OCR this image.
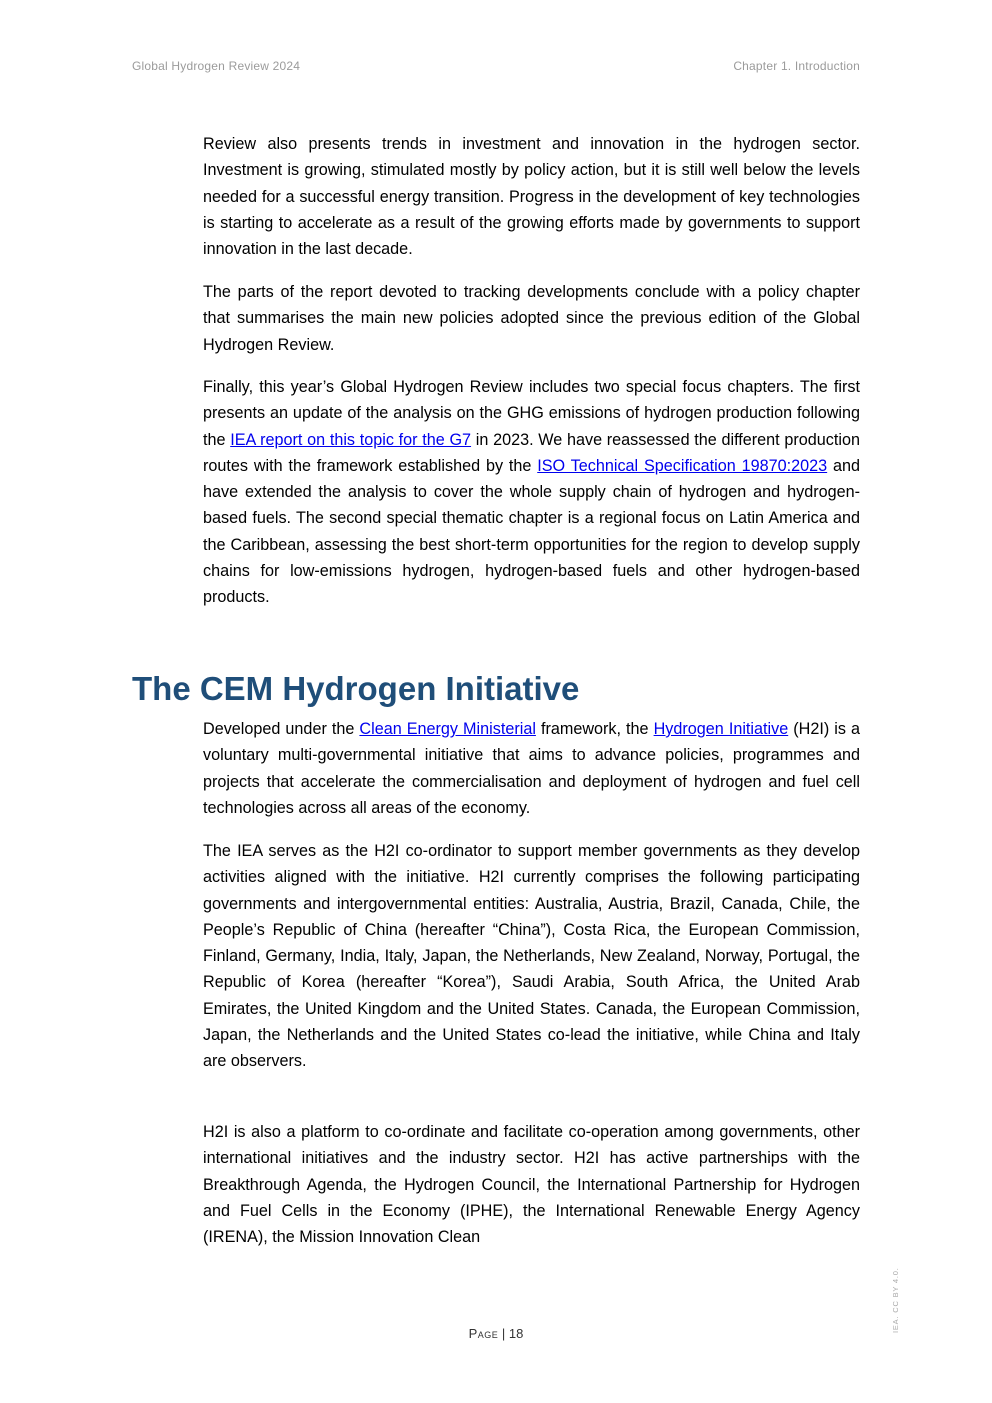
Global Hydrogen Review 2024	Chapter 1. Introduction

Review also presents trends in investment and innovation in the hydrogen sector. Investment is growing, stimulated mostly by policy action, but it is still well below the levels needed for a successful energy transition. Progress in the development of key technologies is starting to accelerate as a result of the growing efforts made by governments to support innovation in the last decade.

The parts of the report devoted to tracking developments conclude with a policy chapter that summarises the main new policies adopted since the previous edition of the Global Hydrogen Review.

Finally, this year’s Global Hydrogen Review includes two special focus chapters. The first presents an update of the analysis on the GHG emissions of hydrogen production following the IEA report on this topic for the G7 in 2023. We have reassessed the different production routes with the framework established by the ISO Technical Specification 19870:2023 and have extended the analysis to cover the whole supply chain of hydrogen and hydrogen-based fuels. The second special thematic chapter is a regional focus on Latin America and the Caribbean, assessing the best short-term opportunities for the region to develop supply chains for low-emissions hydrogen, hydrogen-based fuels and other hydrogen-based products.

The CEM Hydrogen Initiative

Developed under the Clean Energy Ministerial framework, the Hydrogen Initiative (H2I) is a voluntary multi-governmental initiative that aims to advance policies, programmes and projects that accelerate the commercialisation and deployment of hydrogen and fuel cell technologies across all areas of the economy.

The IEA serves as the H2I co-ordinator to support member governments as they develop activities aligned with the initiative. H2I currently comprises the following participating governments and intergovernmental entities: Australia, Austria, Brazil, Canada, Chile, the People’s Republic of China (hereafter “China”), Costa Rica, the European Commission, Finland, Germany, India, Italy, Japan, the Netherlands, New Zealand, Norway, Portugal, the Republic of Korea (hereafter “Korea”), Saudi Arabia, South Africa, the United Arab Emirates, the United Kingdom and the United States. Canada, the European Commission, Japan, the Netherlands and the United States co-lead the initiative, while China and Italy are observers.

H2I is also a platform to co-ordinate and facilitate co-operation among governments, other international initiatives and the industry sector. H2I has active partnerships with the Breakthrough Agenda, the Hydrogen Council, the International Partnership for Hydrogen and Fuel Cells in the Economy (IPHE), the International Renewable Energy Agency (IRENA), the Mission Innovation Clean

Page | 18
IEA. CC BY 4.0.
